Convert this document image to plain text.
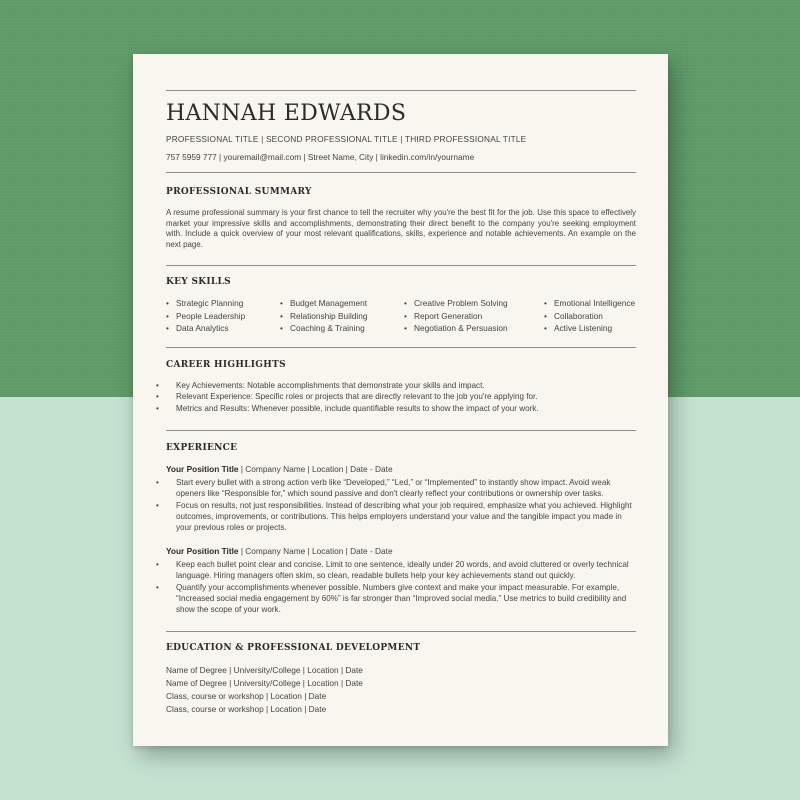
HANNAH EDWARDS
PROFESSIONAL TITLE | SECOND PROFESSIONAL TITLE | THIRD PROFESSIONAL TITLE
757 5959 777 | youremail@mail.com | Street Name, City | linkedin.com/in/yourname
PROFESSIONAL SUMMARY

A resume professional summary is your first chance to tell the recruiter why you're the best fit for the job. Use this space to effectively market your impressive skills and accomplishments, demonstrating their direct benefit to the company you're seeking employment with. Include a quick overview of your most relevant qualifications, skills, experience and notable achievements. An example on the next page.

KEY SKILLS
• Strategic Planning
• People Leadership
• Data Analytics
• Budget Management
• Relationship Building
• Coaching & Training
• Creative Problem Solving
• Report Generation
• Negotiation & Persuasion
• Emotional Intelligence
• Collaboration
• Active Listening
CAREER HIGHLIGHTS
• Key Achievements: Notable accomplishments that demonstrate your skills and impact.
• Relevant Experience: Specific roles or projects that are directly relevant to the job you're applying for.
• Metrics and Results: Whenever possible, include quantifiable results to show the impact of your work.
EXPERIENCE
Your Position Title | Company Name | Location | Date - Date
• Start every bullet with a strong action verb like “Developed,” “Led,” or “Implemented” to instantly show impact. Avoid weak openers like “Responsible for,” which sound passive and don't clearly reflect your contributions or ownership over tasks.
• Focus on results, not just responsibilities. Instead of describing what your job required, emphasize what you achieved. Highlight outcomes, improvements, or contributions. This helps employers understand your value and the tangible impact you made in your previous roles or projects.
Your Position Title | Company Name | Location | Date - Date
• Keep each bullet point clear and concise. Limit to one sentence, ideally under 20 words, and avoid cluttered or overly technical language. Hiring managers often skim, so clean, readable bullets help your key achievements stand out quickly.
• Quantify your accomplishments whenever possible. Numbers give context and make your impact measurable. For example, “Increased social media engagement by 60%” is far stronger than “Improved social media.” Use metrics to build credibility and show the scope of your work.
EDUCATION & PROFESSIONAL DEVELOPMENT
Name of Degree | University/College | Location | Date
Name of Degree | University/College | Location | Date
Class, course or workshop | Location | Date
Class, course or workshop | Location | Date
